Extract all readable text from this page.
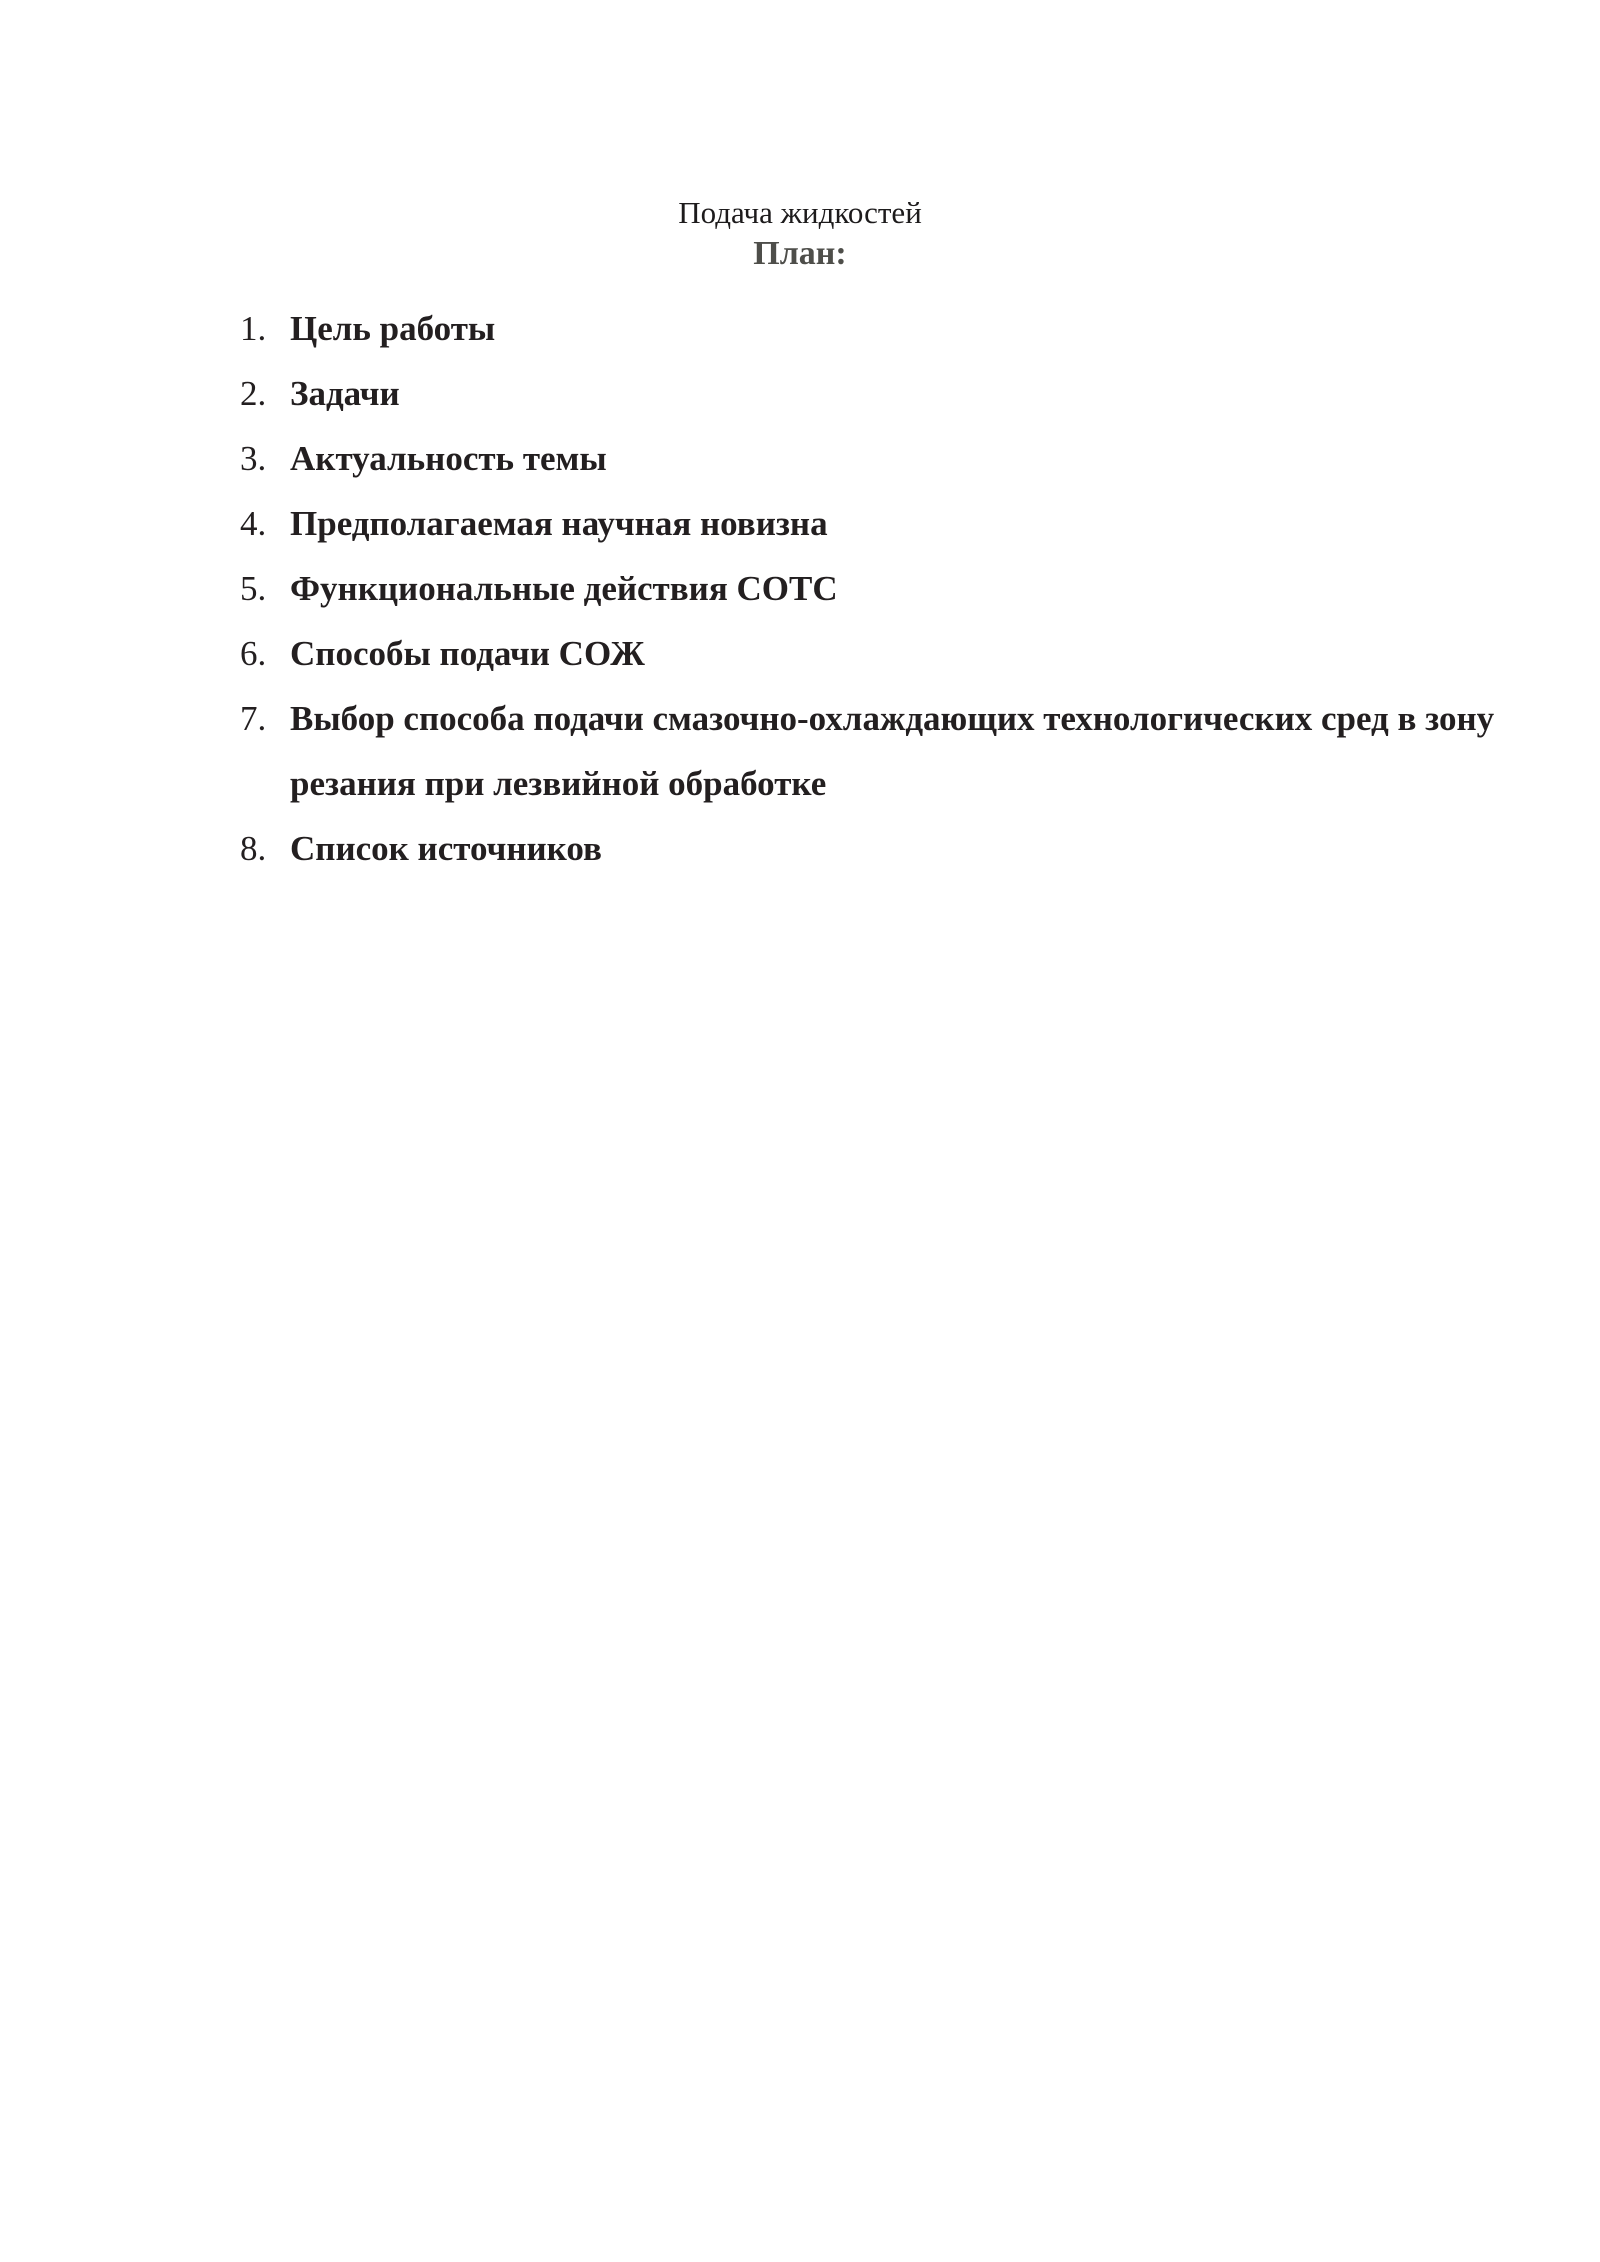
Подача жидкостей
План:
1. Цель работы
2. Задачи
3. Актуальность темы
4. Предполагаемая научная новизна
5. Функциональные действия СОТС
6. Способы подачи СОЖ
7. Выбор способа подачи смазочно-охлаждающих технологических сред в зону резания при лезвийной обработке
8. Список источников
